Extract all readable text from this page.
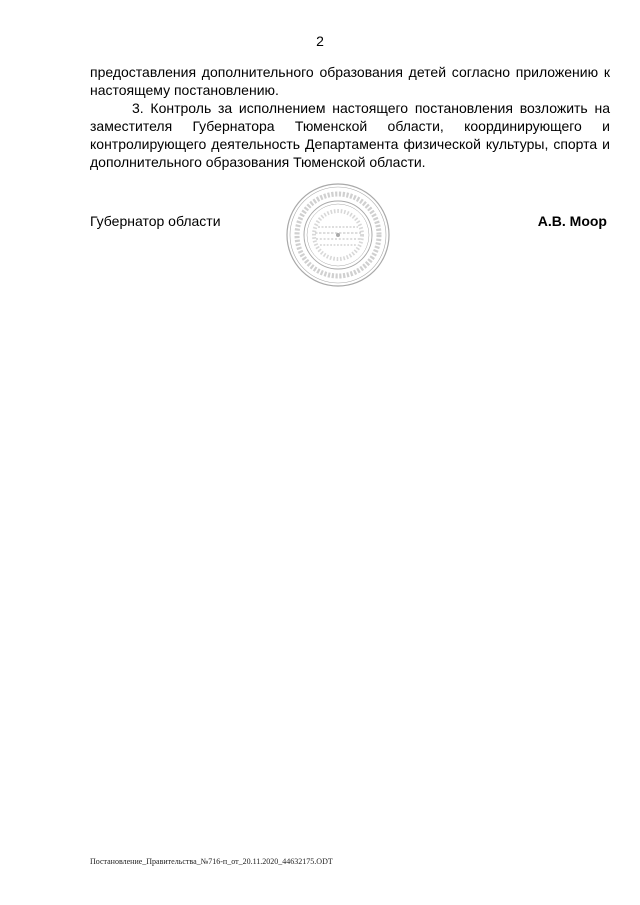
2

предоставления дополнительного образования детей согласно приложению к настоящему постановлению.

3. Контроль за исполнением настоящего постановления возложить на заместителя Губернатора Тюменской области, координирующего и контролирующего деятельность Департамента физической культуры, спорта и дополнительного образования Тюменской области.

Губернатор области	А.В. Моор
Постановление_Правительства_№716-п_от_20.11.2020_44632175.ODT
